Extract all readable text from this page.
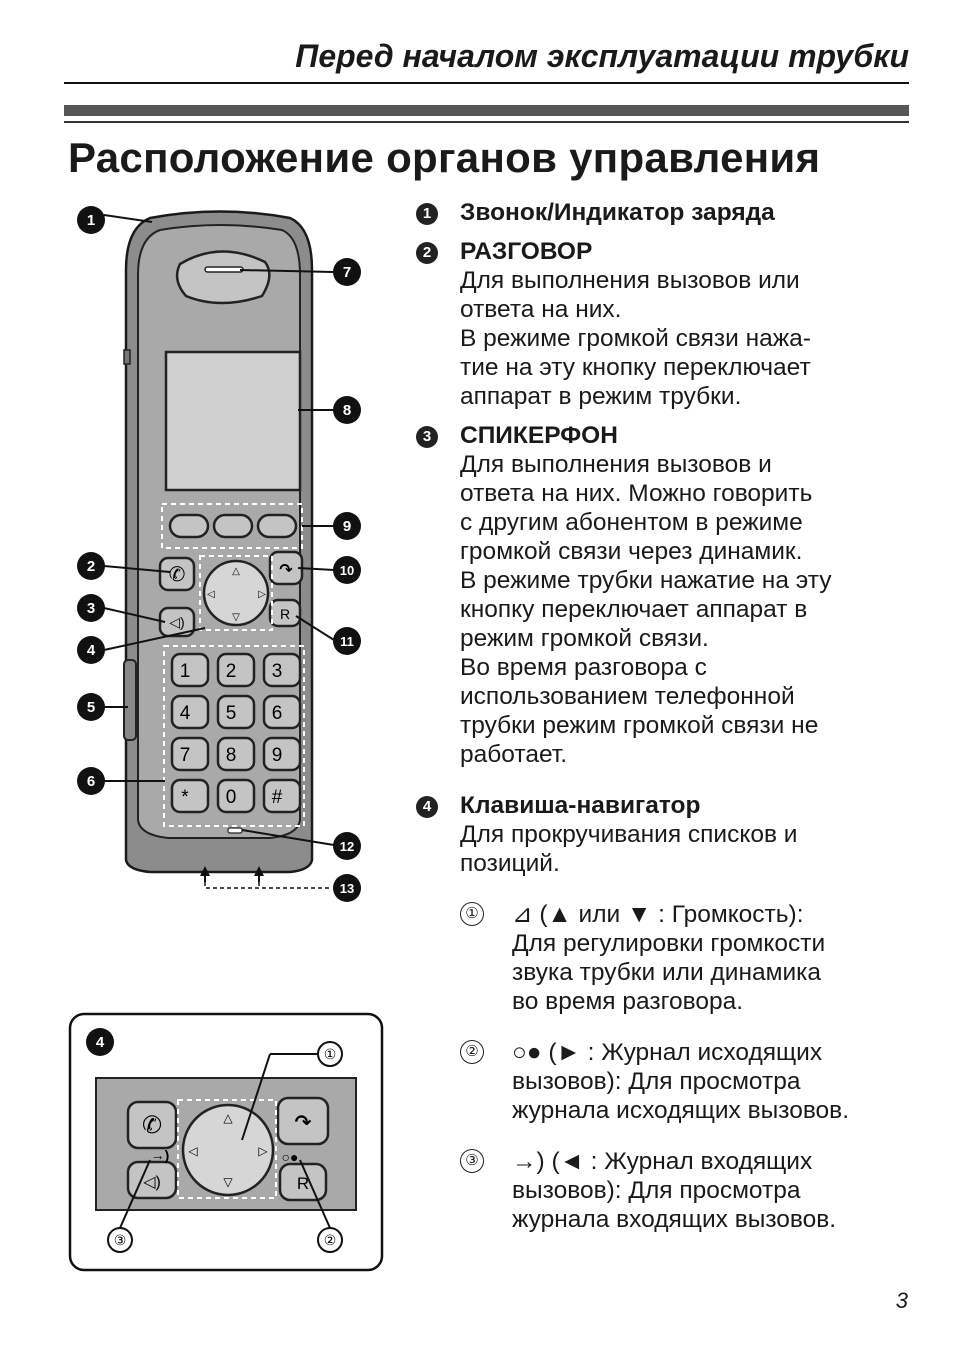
Перед началом эксплуатации трубки
Расположение органов управления
✆	↷
◁)	R
△
▽
◁	▷
1 2 3
4 5 6
7 8 9
* 0 #
1
2
3
4
5
6
7
8
9
10
11
12
13
4
✆	↷
◁)	R
△
▽
◁	▷
→)	○●
①
②
③
1 Звонок/Индикатор заряда

2 РАЗГОВОР

Для выполнения вызовов или

ответа на них.

В режиме громкой связи нажа-

тие на эту кнопку переключает

аппарат в режим трубки.

3 СПИКЕРФОН

Для выполнения вызовов и

ответа на них. Можно говорить

с другим абонентом в режиме

громкой связи через динамик.

В режиме трубки нажатие на эту

кнопку переключает аппарат в

режим громкой связи.

Во время разговора с

использованием телефонной

трубки режим громкой связи не

работает.

4 Клавиша-навигатор

Для прокручивания списков и

позиций.

① ⊿ (▲ или ▼ : Громкость):

Для регулировки громкости

звука трубки или динамика

во время разговора.

② ○● (► : Журнал исходящих

вызовов): Для просмотра

журнала исходящих вызовов.

③ →) (◄ : Журнал входящих

вызовов): Для просмотра

журнала входящих вызовов.

3
